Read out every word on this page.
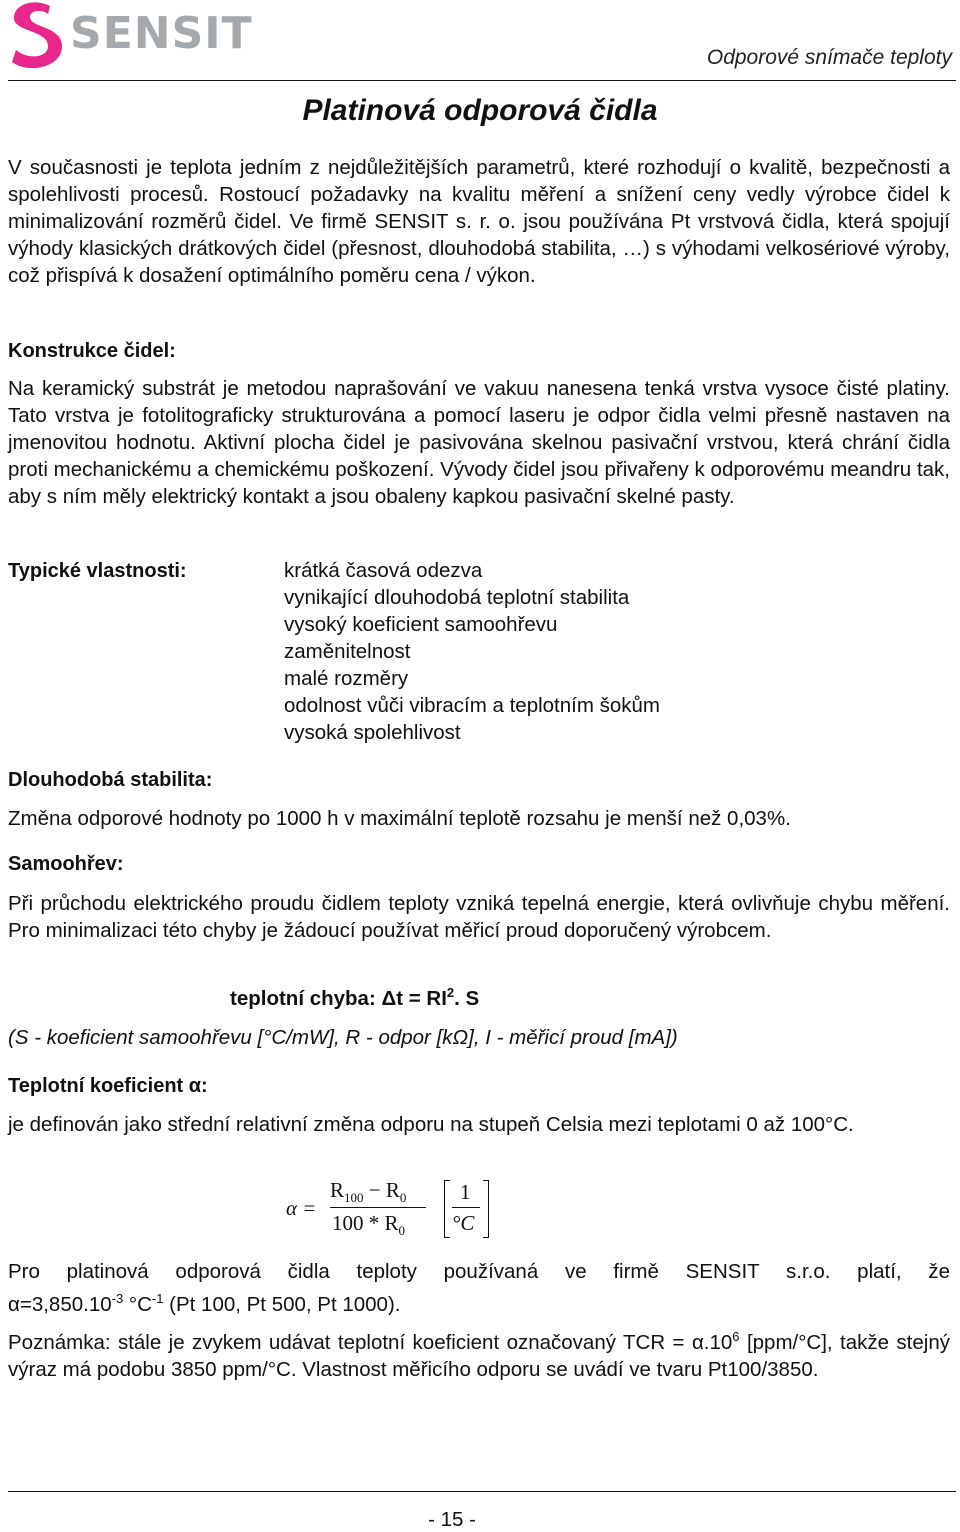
SENSIT	Odporové snímače teploty
Platinová odporová čidla
V současnosti je teplota jedním z nejdůležitějších parametrů, které rozhodují o kvalitě, bezpečnosti a spolehlivosti procesů. Rostoucí požadavky na kvalitu měření a snížení ceny vedly výrobce čidel k minimalizování rozměrů čidel. Ve firmě SENSIT s. r. o. jsou používána Pt vrstvová čidla, která spojují výhody klasických drátkových čidel (přesnost, dlouhodobá stabilita, …) s výhodami velkosériové výroby, což přispívá k dosažení optimálního poměru cena / výkon.
Konstrukce čidel:
Na keramický substrát je metodou naprašování ve vakuu nanesena tenká vrstva vysoce čisté platiny. Tato vrstva je fotolitograficky strukturována a pomocí laseru je odpor čidla velmi přesně nastaven na jmenovitou hodnotu. Aktivní plocha čidel je pasivována skelnou pasivační vrstvou, která chrání čidla proti mechanickému a chemickému poškození. Vývody čidel jsou přivařeny k odporovému meandru tak, aby s ním měly elektrický kontakt a jsou obaleny kapkou pasivační skelné pasty.
Typické vlastnosti:	krátká časová odezva
vynikající dlouhodobá teplotní stabilita
vysoký koeficient samoohřevu
zaměnitelnost
malé rozměry
odolnost vůči vibracím a teplotním šokům
vysoká spolehlivost
Dlouhodobá stabilita:
Změna odporové hodnoty po 1000 h v maximální teplotě rozsahu je menší než 0,03%.
Samoohřev:
Při průchodu elektrického proudu čidlem teploty vzniká tepelná energie, která ovlivňuje chybu měření. Pro minimalizaci této chyby je žádoucí používat měřicí proud doporučený výrobcem.
teplotní chyba: $\Delta t = RI^2$. S
(S - koeficient samoohřevu [°C/mW], R - odpor [kΩ], I - měřicí proud [mA])
Teplotní koeficient α:
je definován jako střední relativní změna odporu na stupeň Celsia mezi teplotami 0 až 100°C.
α =
$R_{100} - R_0$
$100 * R_0$
1
°C
Pro platinová odporová čidla teploty používaná ve firmě SENSIT s.r.o. platí, že
$\alpha=3,850.10^{-3}$ $^\circ C^{-1}$ (Pt 100, Pt 500, Pt 1000).
Poznámka: stále je zvykem udávat teplotní koeficient označovaný TCR = $\alpha.10^6$ [ppm/°C], takže stejný výraz má podobu 3850 ppm/°C. Vlastnost měřicího odporu se uvádí ve tvaru Pt100/3850.
- 15 -
